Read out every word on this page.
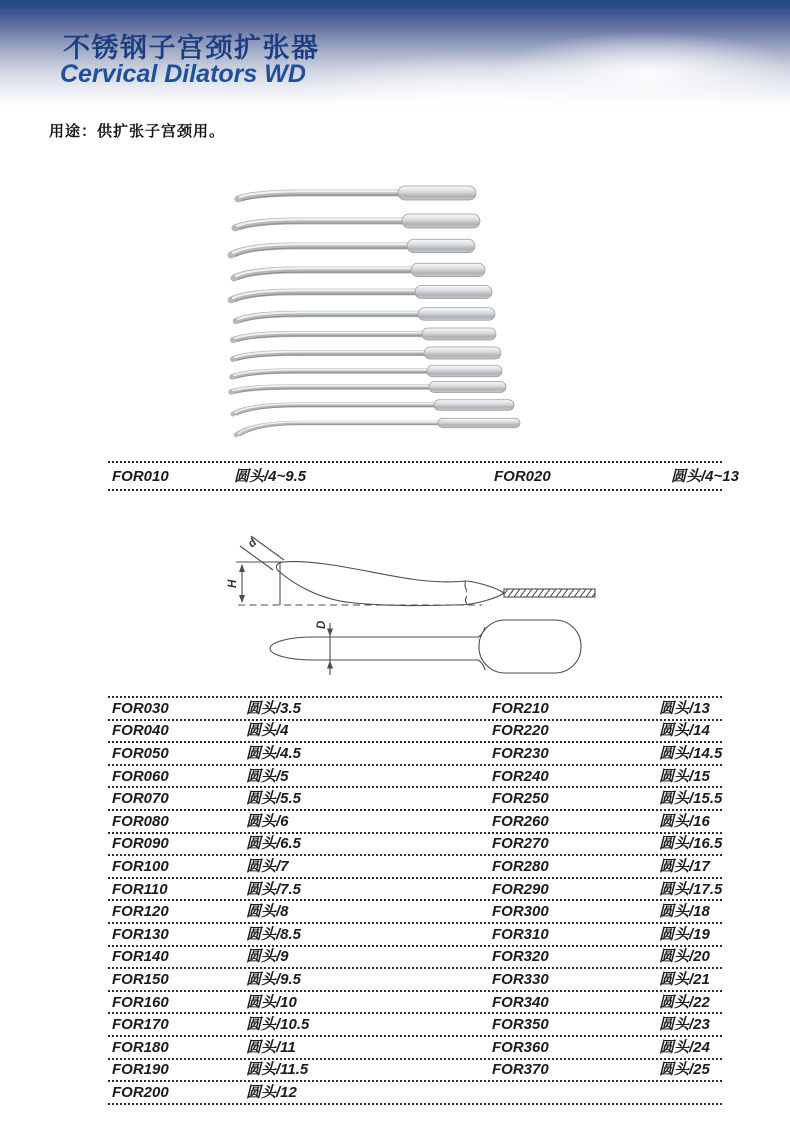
不锈钢子宫颈扩张器
Cervical Dilators WD
用途：供扩张子宫颈用。
FOR010	圆头/4~9.5	FOR020	圆头/4~13
d
H
D
FOR030	圆头/3.5	FOR210	圆头/13
FOR040	圆头/4	FOR220	圆头/14
FOR050	圆头/4.5	FOR230	圆头/14.5
FOR060	圆头/5	FOR240	圆头/15
FOR070	圆头/5.5	FOR250	圆头/15.5
FOR080	圆头/6	FOR260	圆头/16
FOR090	圆头/6.5	FOR270	圆头/16.5
FOR100	圆头/7	FOR280	圆头/17
FOR110	圆头/7.5	FOR290	圆头/17.5
FOR120	圆头/8	FOR300	圆头/18
FOR130	圆头/8.5	FOR310	圆头/19
FOR140	圆头/9	FOR320	圆头/20
FOR150	圆头/9.5	FOR330	圆头/21
FOR160	圆头/10	FOR340	圆头/22
FOR170	圆头/10.5	FOR350	圆头/23
FOR180	圆头/11	FOR360	圆头/24
FOR190	圆头/11.5	FOR370	圆头/25
FOR200	圆头/12
